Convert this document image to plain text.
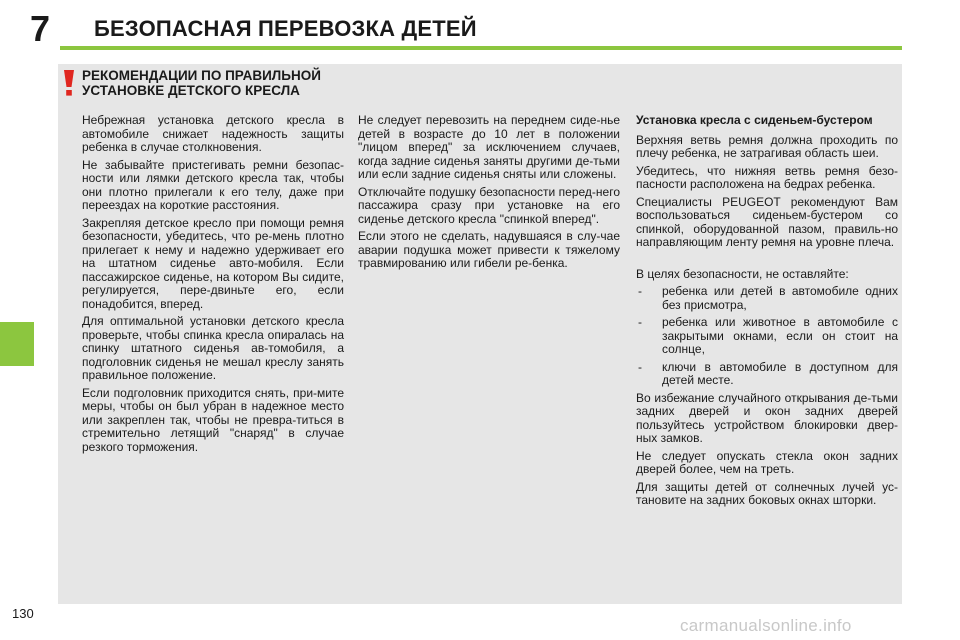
7 БЕЗОПАСНАЯ ПЕРЕВОЗКА ДЕТЕЙ
РЕКОМЕНДАЦИИ ПО ПРАВИЛЬНОЙ
УСТАНОВКЕ ДЕТСКОГО КРЕСЛА

Небрежная установка детского кресла в автомобиле снижает надежность защиты ребенка в случае столкновения.

Не забывайте пристегивать ремни безопас-ности или лямки детского кресла так, чтобы они плотно прилегали к его телу, даже при переездах на короткие расстояния.

Закрепляя детское кресло при помощи ремня безопасности, убедитесь, что ре-мень плотно прилегает к нему и надежно удерживает его на штатном сиденье авто-мобиля. Если пассажирское сиденье, на котором Вы сидите, регулируется, пере-двиньте его, если понадобится, вперед.

Для оптимальной установки детского кресла проверьте, чтобы спинка кресла опиралась на спинку штатного сиденья ав-томобиля, а подголовник сиденья не мешал креслу занять правильное положение.

Если подголовник приходится снять, при-мите меры, чтобы он был убран в надежное место или закреплен так, чтобы не превра-титься в стремительно летящий "снаряд" в случае резкого торможения.

Не следует перевозить на переднем сиде-нье детей в возрасте до 10 лет в положении "лицом вперед" за исключением случаев, когда задние сиденья заняты другими де-тьми или если задние сиденья сняты или сложены.

Отключайте подушку безопасности перед-него пассажира сразу при установке на его сиденье детского кресла "спинкой вперед".

Если этого не сделать, надувшаяся в слу-чае аварии подушка может привести к тяжелому травмированию или гибели ре-бенка.

Установка кресла с сиденьем-бустером

Верхняя ветвь ремня должна проходить по плечу ребенка, не затрагивая область шеи.

Убедитесь, что нижняя ветвь ремня безо-пасности расположена на бедрах ребенка.

Специалисты PEUGEOT рекомендуют Вам воспользоваться сиденьем-бустером со спинкой, оборудованной пазом, правиль-но направляющим ленту ремня на уровне плеча.

В целях безопасности, не оставляйте:

- ребенка или детей в автомобиле одних без присмотра,
- ребенка или животное в автомобиле с закрытыми окнами, если он стоит на солнце,
- ключи в автомобиле в доступном для детей месте.

Во избежание случайного открывания де-тьми задних дверей и окон задних дверей пользуйтесь устройством блокировки двер-ных замков.

Не следует опускать стекла окон задних дверей более, чем на треть.

Для защиты детей от солнечных лучей ус-тановите на задних боковых окнах шторки.

130
carmanualsonline.info
